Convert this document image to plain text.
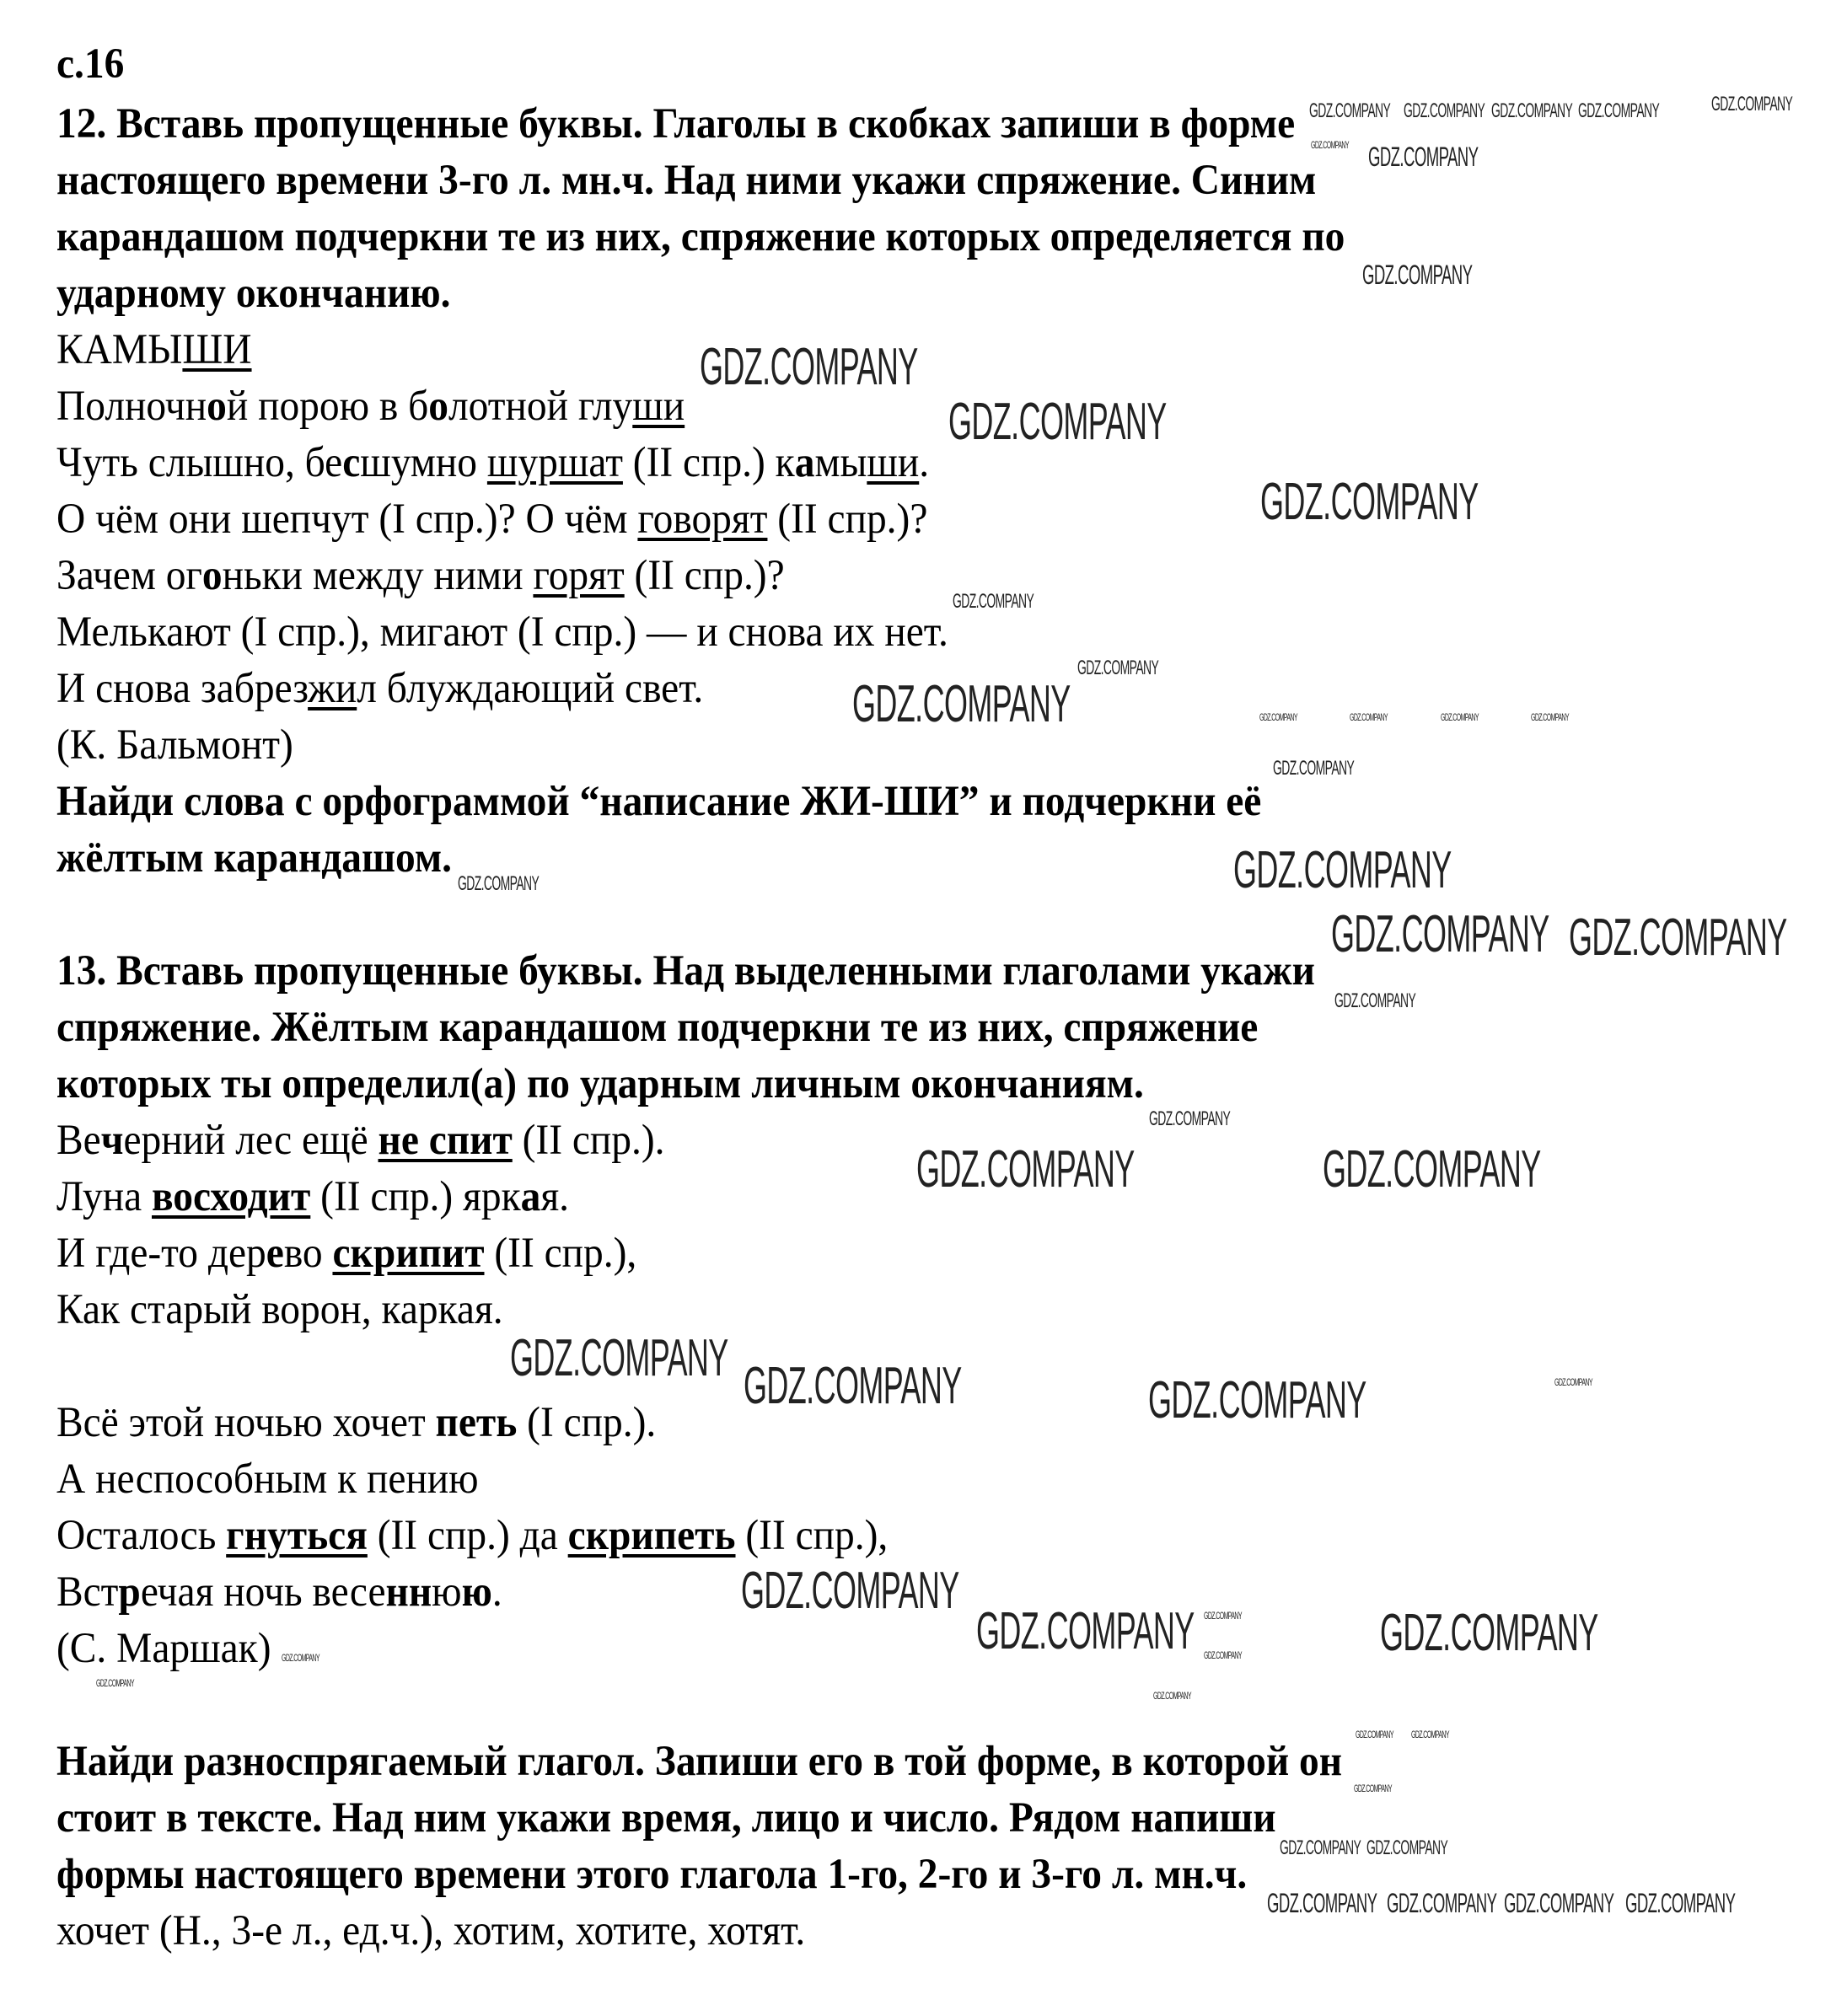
с.16
12. Вставь пропущенные буквы. Глаголы в скобках запиши в форме
настоящего времени 3-го л. мн.ч. Над ними укажи спряжение. Синим
карандашом подчеркни те из них, спряжение которых определяется по
ударному окончанию.
КАМЫШИ
Полночной порою в болотной глуши
Чуть слышно, бесшумно шуршат (II спр.) камыши.
О чём они шепчут (I спр.)? О чём говорят (II спр.)?
Зачем огоньки между ними горят (II спр.)?
Мелькают (I спр.), мигают (I спр.) — и снова их нет.
И снова забрезжил блуждающий свет.
(К. Бальмонт)
Найди слова с орфограммой “написание ЖИ-ШИ” и подчеркни её
жёлтым карандашом.
13. Вставь пропущенные буквы. Над выделенными глаголами укажи
спряжение. Жёлтым карандашом подчеркни те из них, спряжение
которых ты определил(а) по ударным личным окончаниям.
Вечерний лес ещё не спит (II спр.).
Луна восходит (II спр.) яркая.
И где-то дерево скрипит (II спр.),
Как старый ворон, каркая.
Всё этой ночью хочет петь (I спр.).
А неспособным к пению
Осталось гнуться (II спр.) да скрипеть (II спр.),
Встречая ночь весеннюю.
(С. Маршак)
Найди разноспрягаемый глагол. Запиши его в той форме, в которой он
стоит в тексте. Над ним укажи время, лицо и число. Рядом напиши
формы настоящего времени этого глагола 1-го, 2-го и 3-го л. мн.ч.
хочет (Н., 3-е л., ед.ч.), хотим, хотите, хотят.
GDZ.COMPANY
GDZ.COMPANY
GDZ.COMPANY
GDZ.COMPANY
GDZ.COMPANY GDZ.COMPANY
GDZ.COMPANY
GDZ.COMPANY	GDZ.COMPANY
GDZ.COMPANY GDZ.COMPANY	GDZ.COMPANY
GDZ.COMPANY
GDZ.COMPANY	GDZ.COMPANY
GDZ.COMPANY
GDZ.COMPANY GDZ.COMPANY GDZ.COMPANY GDZ.COMPANY
GDZ.COMPANY GDZ.COMPANY
GDZ.COMPANY
GDZ.COMPANY
GDZ.COMPANY
GDZ.COMPANY
GDZ.COMPANY
GDZ.COMPANY
GDZ.COMPANY
GDZ.COMPANY GDZ.COMPANY
GDZ.COMPANY GDZ.COMPANY GDZ.COMPANY GDZ.COMPANY
GDZ.COMPANY	GDZ.COMPANY	GDZ.COMPANY	GDZ.COMPANY
GDZ.COMPANY
GDZ.COMPANY
GDZ.COMPANY
GDZ.COMPANY
GDZ.COMPANY
GDZ.COMPANY
GDZ.COMPANY
GDZ.COMPANY
GDZ.COMPANY
